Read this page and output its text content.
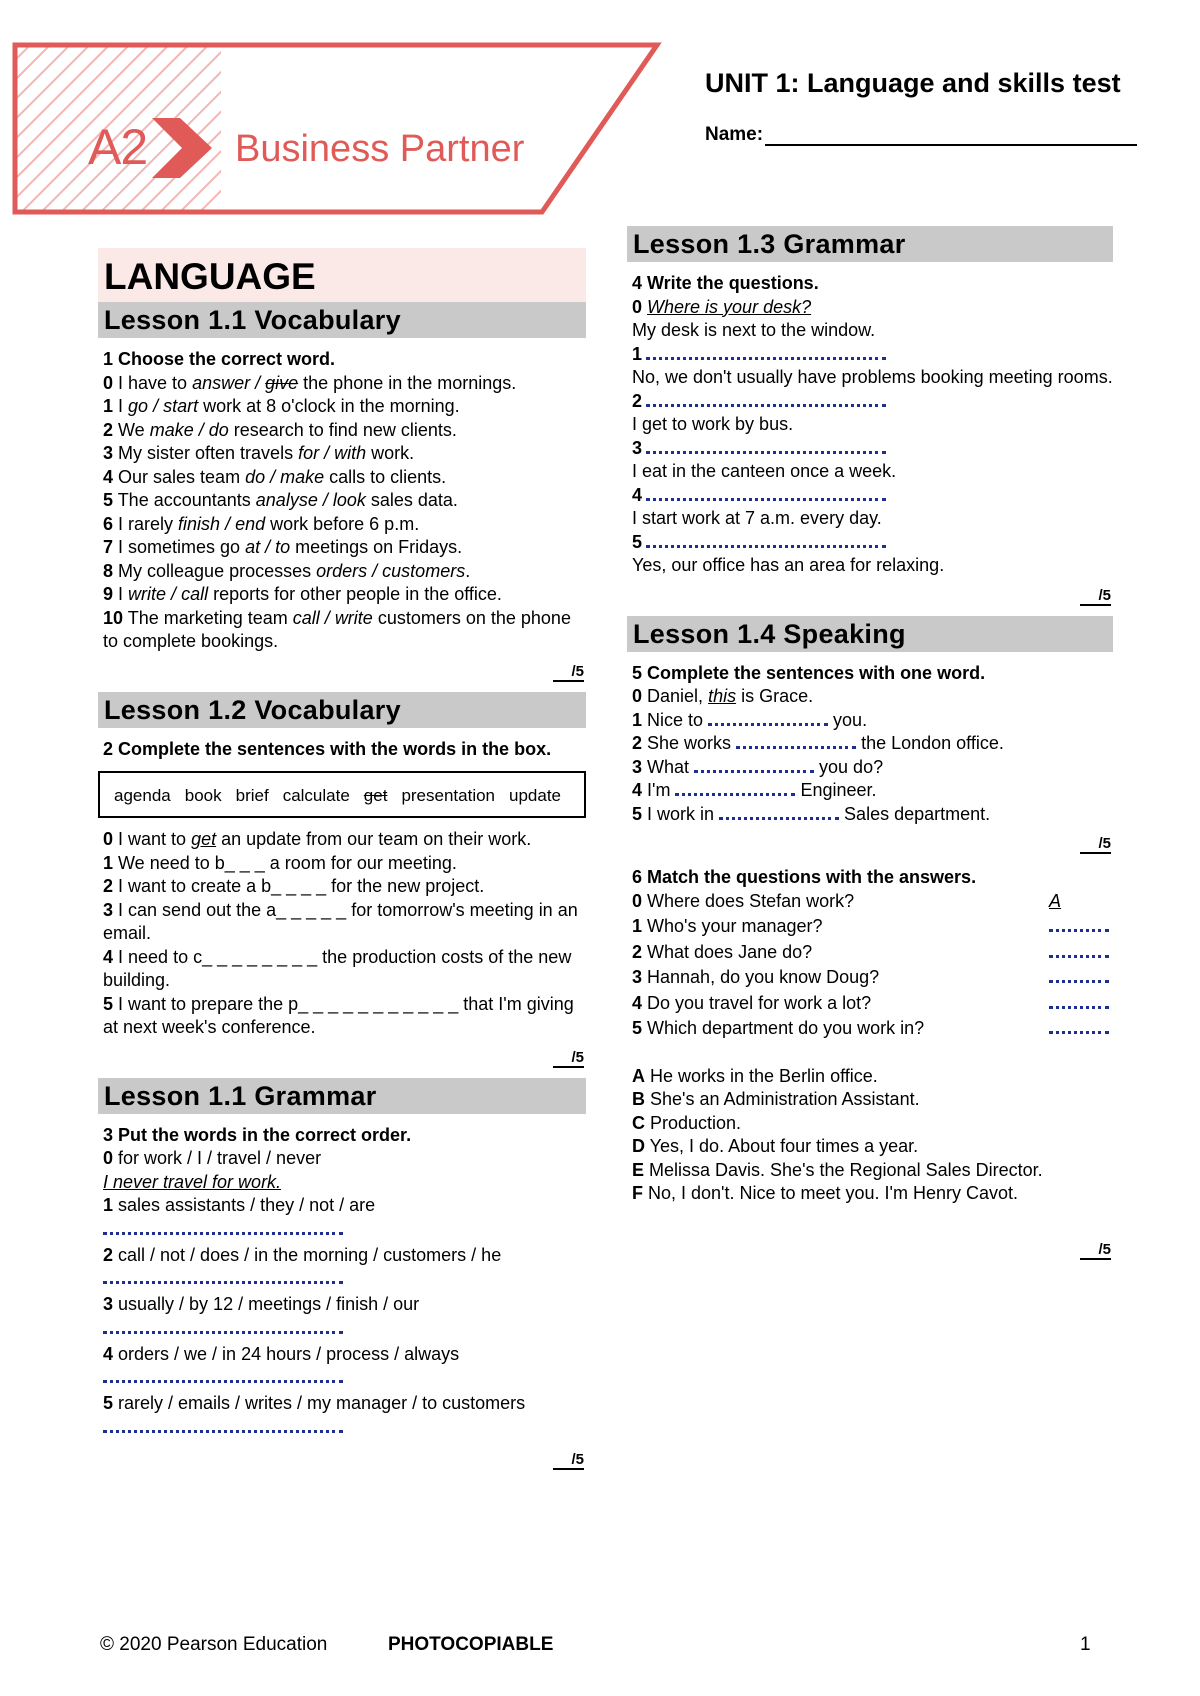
A2 Business Partner
UNIT 1: Language and skills test
Name:
LANGUAGE
Lesson 1.1 Vocabulary
1 Choose the correct word.
0 I have to answer / give the phone in the mornings.
1 I go / start work at 8 o'clock in the morning.
2 We make / do research to find new clients.
3 My sister often travels for / with work.
4 Our sales team do / make calls to clients.
5 The accountants analyse / look sales data.
6 I rarely finish / end work before 6 p.m.
7 I sometimes go at / to meetings on Fridays.
8 My colleague processes orders / customers.
9 I write / call reports for other people in the office.
10 The marketing team call / write customers on the phone to complete bookings.
/5
Lesson 1.2 Vocabulary
2 Complete the sentences with the words in the box.
agenda book brief calculate get presentation update
0 I want to get an update from our team on their work.
1 We need to b_ _ _ a room for our meeting.
2 I want to create a b_ _ _ _ for the new project.
3 I can send out the a_ _ _ _ _ for tomorrow's meeting in an email.
4 I need to c_ _ _ _ _ _ _ _ the production costs of the new building.
5 I want to prepare the p_ _ _ _ _ _ _ _ _ _ _ that I'm giving at next week's conference.
/5
Lesson 1.1 Grammar
3 Put the words in the correct order.
0 for work / I / travel / never
I never travel for work.
1 sales assistants / they / not / are
2 call / not / does / in the morning / customers / he
3 usually / by 12 / meetings / finish / our
4 orders / we / in 24 hours / process / always
5 rarely / emails / writes / my manager / to customers
/5
Lesson 1.3 Grammar
4 Write the questions.
0 Where is your desk?
My desk is next to the window.
1
No, we don't usually have problems booking meeting rooms.
2
I get to work by bus.
3
I eat in the canteen once a week.
4
I start work at 7 a.m. every day.
5
Yes, our office has an area for relaxing.
/5
Lesson 1.4 Speaking
5 Complete the sentences with one word.
0 Daniel, this is Grace.
1 Nice to	you.
2 She works	the London office.
3 What	you do?
4 I'm	Engineer.
5 I work in	Sales department.
/5
6 Match the questions with the answers.
0 Where does Stefan work?	A
1 Who's your manager?
2 What does Jane do?
3 Hannah, do you know Doug?
4 Do you travel for work a lot?
5 Which department do you work in?
A He works in the Berlin office.
B She's an Administration Assistant.
C Production.
D Yes, I do. About four times a year.
E Melissa Davis. She's the Regional Sales Director.
F No, I don't. Nice to meet you. I'm Henry Cavot.
/5
© 2020 Pearson Education	PHOTOCOPIABLE	1
